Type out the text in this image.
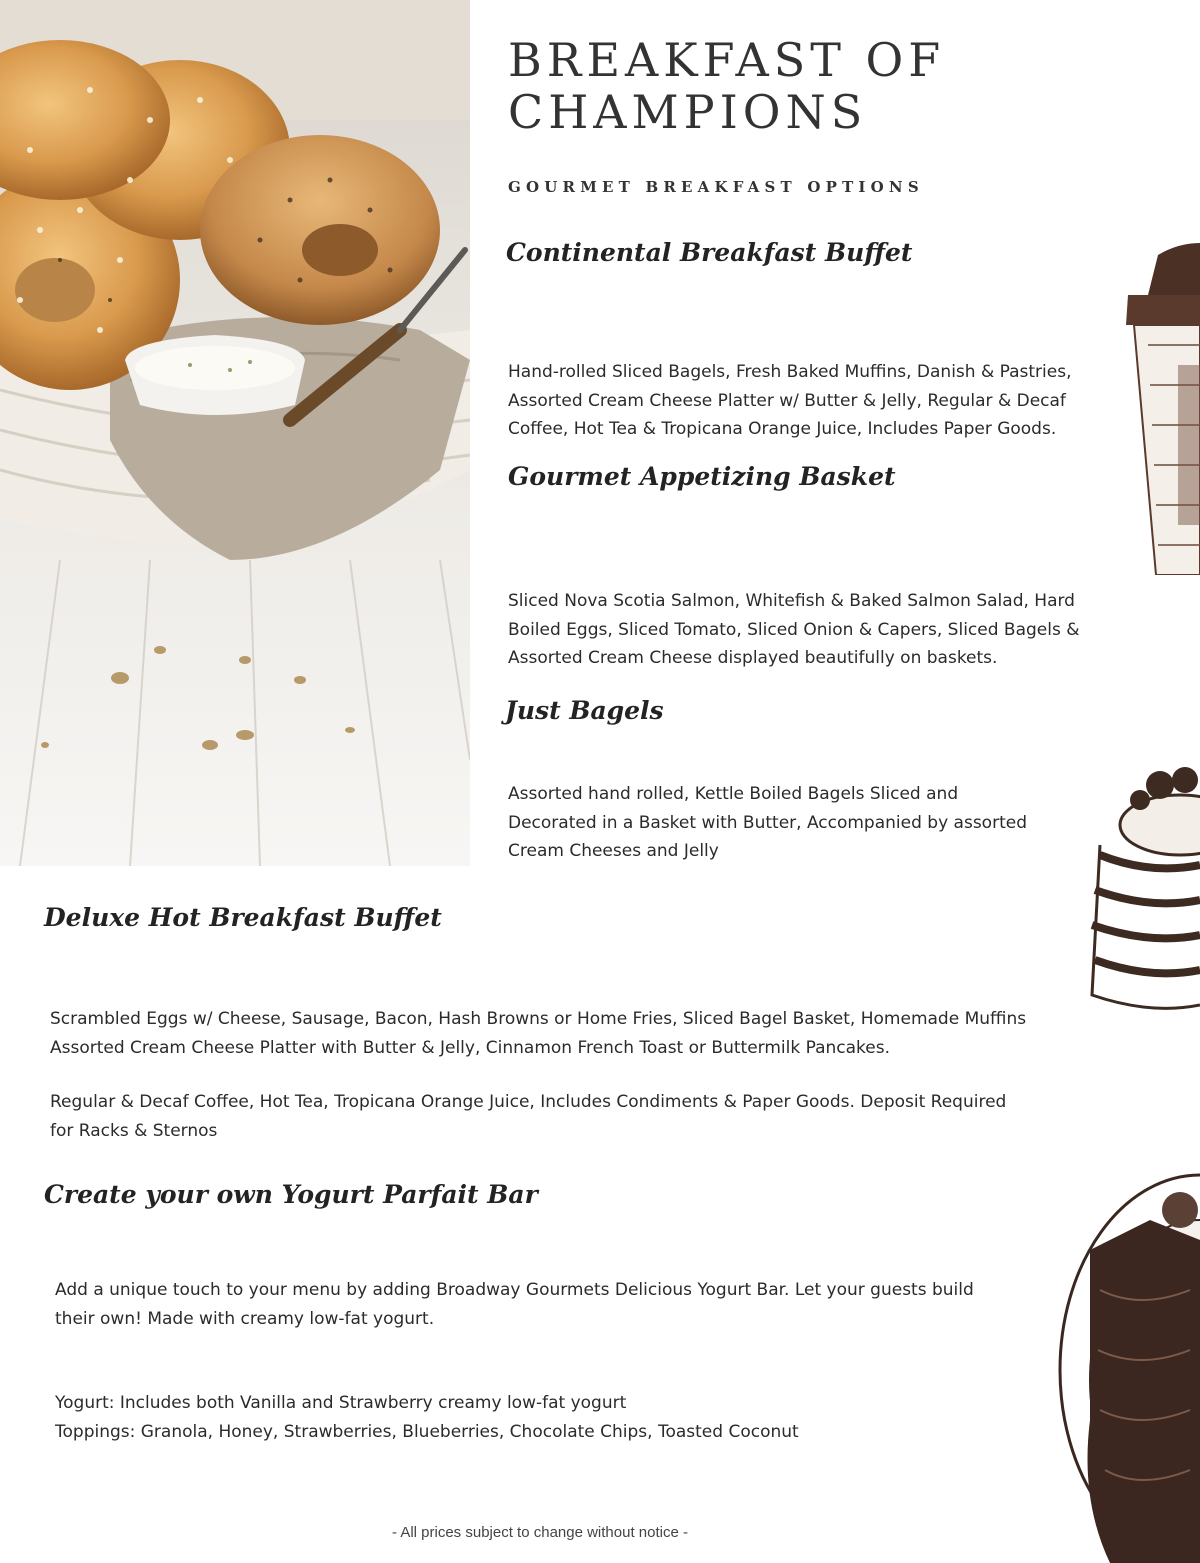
BREAKFAST OF
CHAMPIONS

GOURMET BREAKFAST OPTIONS

Continental Breakfast Buffet

Hand-rolled Sliced Bagels, Fresh Baked Muffins, Danish & Pastries,
Assorted Cream Cheese Platter w/ Butter & Jelly, Regular & Decaf
Coffee, Hot Tea & Tropicana Orange Juice, Includes Paper Goods.

Gourmet Appetizing Basket

Sliced Nova Scotia Salmon, Whitefish & Baked Salmon Salad, Hard
Boiled Eggs, Sliced Tomato, Sliced Onion & Capers, Sliced Bagels &
Assorted Cream Cheese displayed beautifully on baskets.

Just Bagels

Assorted hand rolled, Kettle Boiled Bagels Sliced and
Decorated in a Basket with Butter, Accompanied by assorted
Cream Cheeses and Jelly

Deluxe Hot Breakfast Buffet

Scrambled Eggs w/ Cheese, Sausage, Bacon, Hash Browns or Home Fries, Sliced Bagel Basket, Homemade Muffins
Assorted Cream Cheese Platter with Butter & Jelly, Cinnamon French Toast or Buttermilk Pancakes.

Regular & Decaf Coffee, Hot Tea, Tropicana Orange Juice, Includes Condiments & Paper Goods. Deposit Required
for Racks & Sternos

Create your own Yogurt Parfait Bar

Add a unique touch to your menu by adding Broadway Gourmets Delicious Yogurt Bar. Let your guests build
their own! Made with creamy low-fat yogurt.

Yogurt: Includes both Vanilla and Strawberry creamy low-fat yogurt
Toppings: Granola, Honey, Strawberries, Blueberries, Chocolate Chips, Toasted Coconut

- All prices subject to change without notice -
